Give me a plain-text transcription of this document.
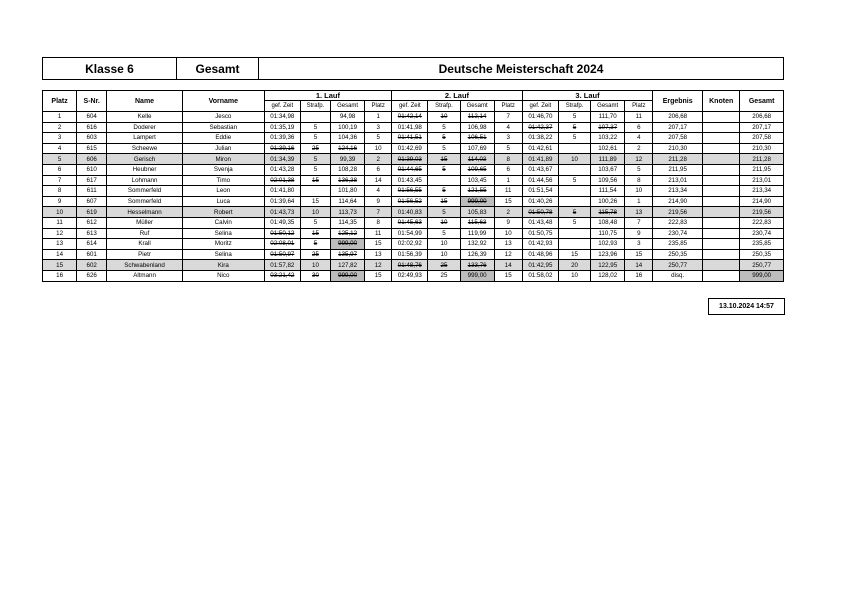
Klasse 6	Gesamt	Deutsche Meisterschaft 2024
Platz	S-Nr.	Name	Vorname	1. Lauf				2. Lauf				3. Lauf				Ergebnis	Knoten	Gesamt
				gef. Zeit	Strafp.	Gesamt	Platz	gef. Zeit	Strafp.	Gesamt	Platz	gef. Zeit	Strafp.	Gesamt	Platz			
1	604	Kelle	Jesco	01:34,98		94,98	1	01:42,14	10	112,14	7	01:46,70	5	111,70	11	206,68		206,68
2	616	Doderer	Sebastian	01:35,19	5	100,19	3	01:41,98	5	106,98	4	01:42,37	5	107,37	6	207,17		207,17
3	603	Lampert	Eddie	01:39,36	5	104,36	5	01:41,51	5	106,51	3	01:38,22	5	103,22	4	207,58		207,58
4	615	Scheewe	Julian	01:39,16	25	124,16	10	01:42,69	5	107,69	5	01:42,61		102,61	2	210,30		210,30
5	606	Gerisch	Miron	01:34,39	5	99,39	2	01:39,03	15	114,03	8	01:41,89	10	111,89	12	211,28		211,28
6	610	Heubner	Svenja	01:43,28	5	108,28	6	01:44,65	5	109,65	6	01:43,67		103,67	5	211,95		211,95
7	617	Lohmann	Timo	02:01,38	15	136,38	14	01:43,45		103,45	1	01:44,56	5	109,56	8	213,01		213,01
8	611	Sommerfeld	Leon	01:41,80		101,80	4	01:56,55	5	121,55	11	01:51,54		111,54	10	213,34		213,34
9	607	Sommerfeld	Luca	01:39,64	15	114,64	9	01:56,52	15	999,00	15	01:40,26		100,26	1	214,90		214,90
10	619	Hesselmann	Robert	01:43,73	10	113,73	7	01:40,83	5	105,83	2	01:50,78	5	115,78	13	219,56		219,56
11	612	Müller	Calvin	01:49,35	5	114,35	8	01:45,63	10	115,63	9	01:43,48	5	108,48	7	222,83		222,83
12	613	Ruf	Selina	01:50,12	15	125,12	11	01:54,99	5	119,99	10	01:50,75		110,75	9	230,74		230,74
13	614	Krall	Moritz	02:08,01	5	999,00	15	02:02,92	10	132,92	13	01:42,93		102,93	3	235,85		235,85
14	601	Pietr	Selina	01:50,97	25	135,97	13	01:56,39	10	126,39	12	01:48,96	15	123,96	15	250,35		250,35
15	602	Schwabenland	Kira	01:57,82	10	127,82	12	01:48,76	25	133,76	14	01:42,95	20	122,95	14	250,77		250,77
16	626	Altmann	Nico	03:21,42	30	999,00	15	02:49,93	25	999,00	15	01:58,02	10	128,02	16	disq.		999,00
13.10.2024 14:57
